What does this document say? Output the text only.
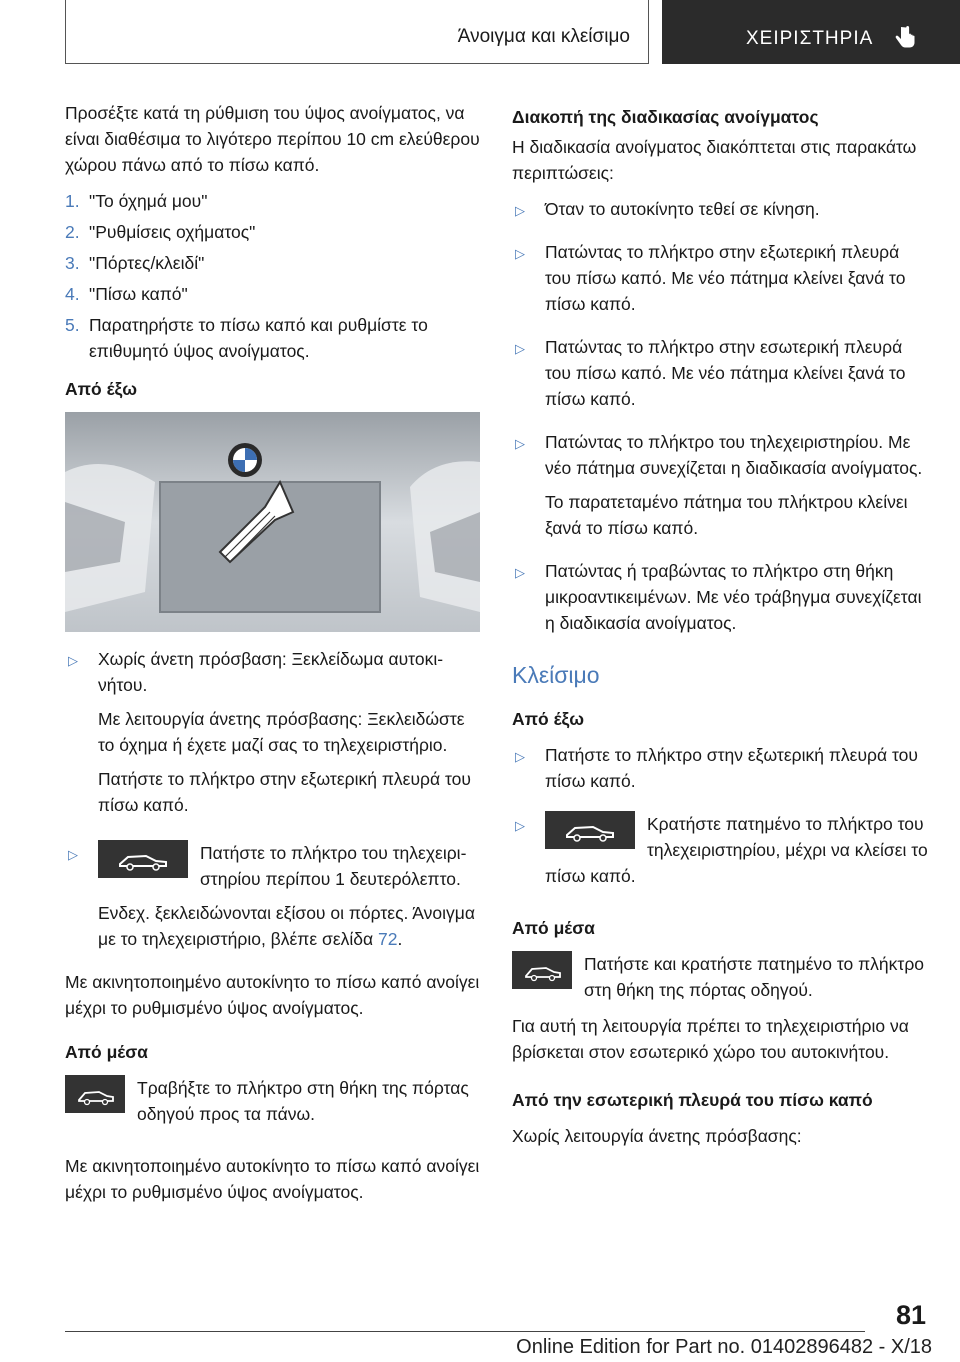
Άνοιγμα και κλείσιμο	ΧΕΙΡΙΣΤΗΡΙΑ

Προσέξτε κατά τη ρύθμιση του ύψος ανοίγματος, να είναι διαθέσιμα το λιγότερο περίπου 10 cm ελεύθερου χώρου πάνω από το πίσω καπό.

1. "Το όχημά μου"
2. "Ρυθμίσεις οχήματος"
3. "Πόρτες/κλειδί"
4. "Πίσω καπό"
5. Παρατηρήστε το πίσω καπό και ρυθμίστε το επιθυμητό ύψος ανοίγματος.
Από έξω
▷	Χωρίς άνετη πρόσβαση: Ξεκλείδωμα αυτοκινήτου.

Με λειτουργία άνετης πρόσβασης: Ξεκλειδώστε το όχημα ή έχετε μαζί σας το τηλεχειριστήριο.

Πατήστε το πλήκτρο στην εξωτερική πλευρά του πίσω καπό.

▷	Πατήστε το πλήκτρο του τηλεχειριστηρίου περίπου 1 δευτερόλεπτο.

Ενδεχ. ξεκλειδώνονται εξίσου οι πόρτες. Άνοιγμα με το τηλεχειριστήριο, βλέπε σελίδα 72.

Με ακινητοποιημένο αυτοκίνητο το πίσω καπό ανοίγει μέχρι το ρυθμισμένο ύψος ανοίγματος.

Από μέσα

Τραβήξτε το πλήκτρο στη θήκη της πόρτας οδηγού προς τα πάνω.

Με ακινητοποιημένο αυτοκίνητο το πίσω καπό ανοίγει μέχρι το ρυθμισμένο ύψος ανοίγματος.

Διακοπή της διαδικασίας ανοίγματος

Η διαδικασία ανοίγματος διακόπτεται στις παρακάτω περιπτώσεις:

▷	Όταν το αυτοκίνητο τεθεί σε κίνηση.

▷	Πατώντας το πλήκτρο στην εξωτερική πλευρά του πίσω καπό. Με νέο πάτημα κλείνει ξανά το πίσω καπό.

▷	Πατώντας το πλήκτρο στην εσωτερική πλευρά του πίσω καπό. Με νέο πάτημα κλείνει ξανά το πίσω καπό.

▷	Πατώντας το πλήκτρο του τηλεχειριστηρίου. Με νέο πάτημα συνεχίζεται η διαδικασία ανοίγματος.

Το παρατεταμένο πάτημα του πλήκτρου κλείνει ξανά το πίσω καπό.

▷	Πατώντας ή τραβώντας το πλήκτρο στη θήκη μικροαντικειμένων. Με νέο τράβηγμα συνεχίζεται η διαδικασία ανοίγματος.

Κλείσιμο
Από έξω
▷	Πατήστε το πλήκτρο στην εξωτερική πλευρά του πίσω καπό.

▷	Κρατήστε πατημένο το πλήκτρο του τηλεχειριστηρίου, μέχρι να κλείσει το πίσω καπό.

Από μέσα

Πατήστε και κρατήστε πατημένο το πλήκτρο στη θήκη της πόρτας οδηγού.

Για αυτή τη λειτουργία πρέπει το τηλεχειριστήριο να βρίσκεται στον εσωτερικό χώρο του αυτοκινήτου.

Από την εσωτερική πλευρά του πίσω καπό

Χωρίς λειτουργία άνετης πρόσβασης:

81
Online Edition for Part no. 01402896482 - X/18
